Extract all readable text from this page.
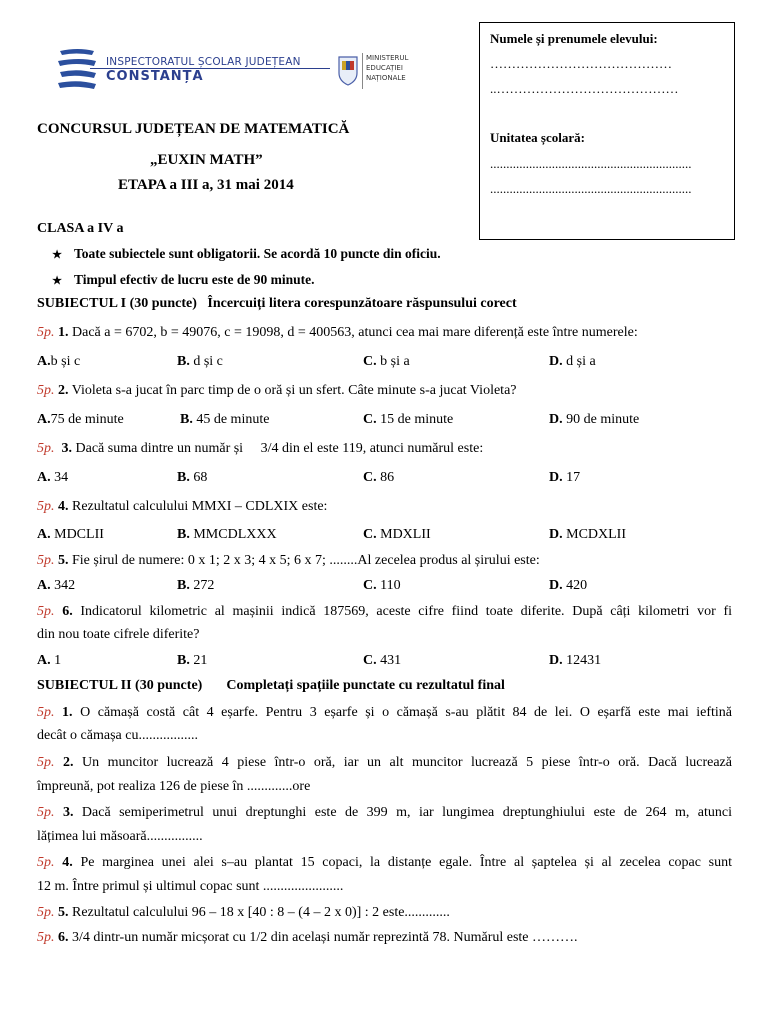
INSPECTORATUL ȘCOLAR JUDEȚEAN
CONSTANȚA
MINISTERUL
EDUCAȚIEI
NAȚIONALE
CONCURSUL JUDEȚEAN DE MATEMATICĂ
„EUXIN MATH”
ETAPA a III a, 31 mai 2014
Numele și prenumele elevului:
……………………………………
..……………………………………
Unitatea școlară:
..............................................................
..............................................................
CLASA a IV a
★ Toate subiectele sunt obligatorii. Se acordă 10 puncte din oficiu.
★ Timpul efectiv de lucru este de 90 minute.
SUBIECTUL I (30 puncte) Încercuiți litera corespunzătoare răspunsului corect
5p. 1. Dacă a = 6702, b = 49076, c = 19098, d = 400563, atunci cea mai mare diferență este între numerele:
A.b și c	B. d și c	C. b și a	D. d și a
5p. 2. Violeta s-a jucat în parc timp de o oră și un sfert. Câte minute s-a jucat Violeta?
A.75 de minute	B. 45 de minute	C. 15 de minute	D. 90 de minute
5p. 3. Dacă suma dintre un număr și     3/4 din el este 119, atunci numărul este:
A. 34	B. 68	C. 86	D. 17
5p. 4. Rezultatul calculului MMXI – CDLXIX este:
A. MDCLII	B. MMCDLXXX	C. MDXLII	D. MCDXLII
5p. 5. Fie șirul de numere: 0 x 1; 2 x 3; 4 x 5; 6 x 7; ........Al zecelea produs al șirului este:
A. 342	B. 272	C. 110	D. 420
5p. 6. Indicatorul kilometric al mașinii indică 187569, aceste cifre fiind toate diferite. După câți kilometri vor fi
din nou toate cifrele diferite?
A. 1	B. 21	C. 431	D. 12431
SUBIECTUL II (30 puncte) Completați spațiile punctate cu rezultatul final
5p. 1. O cămașă costă cât 4 eșarfe. Pentru 3 eșarfe și o cămașă s-au plătit 84 de lei. O eșarfă este mai ieftină
decât o cămașa cu.................
5p. 2. Un muncitor lucrează 4 piese într-o oră, iar un alt muncitor lucrează 5 piese într-o oră. Dacă lucrează
împreună, pot realiza 126 de piese în .............ore
5p. 3. Dacă semiperimetrul unui dreptunghi este de 399 m, iar lungimea dreptunghiului este de 264 m, atunci
lățimea lui măsoară................
5p. 4. Pe marginea unei alei s–au plantat 15 copaci, la distanțe egale. Între al șaptelea și al zecelea copac sunt
12 m. Între primul și ultimul copac sunt .......................
5p. 5. Rezultatul calculului 96 – 18 x [40 : 8 – (4 – 2 x 0)] : 2 este.............
5p. 6. 3/4 dintr-un număr micșorat cu 1/2 din același număr reprezintă 78. Numărul este ……….
